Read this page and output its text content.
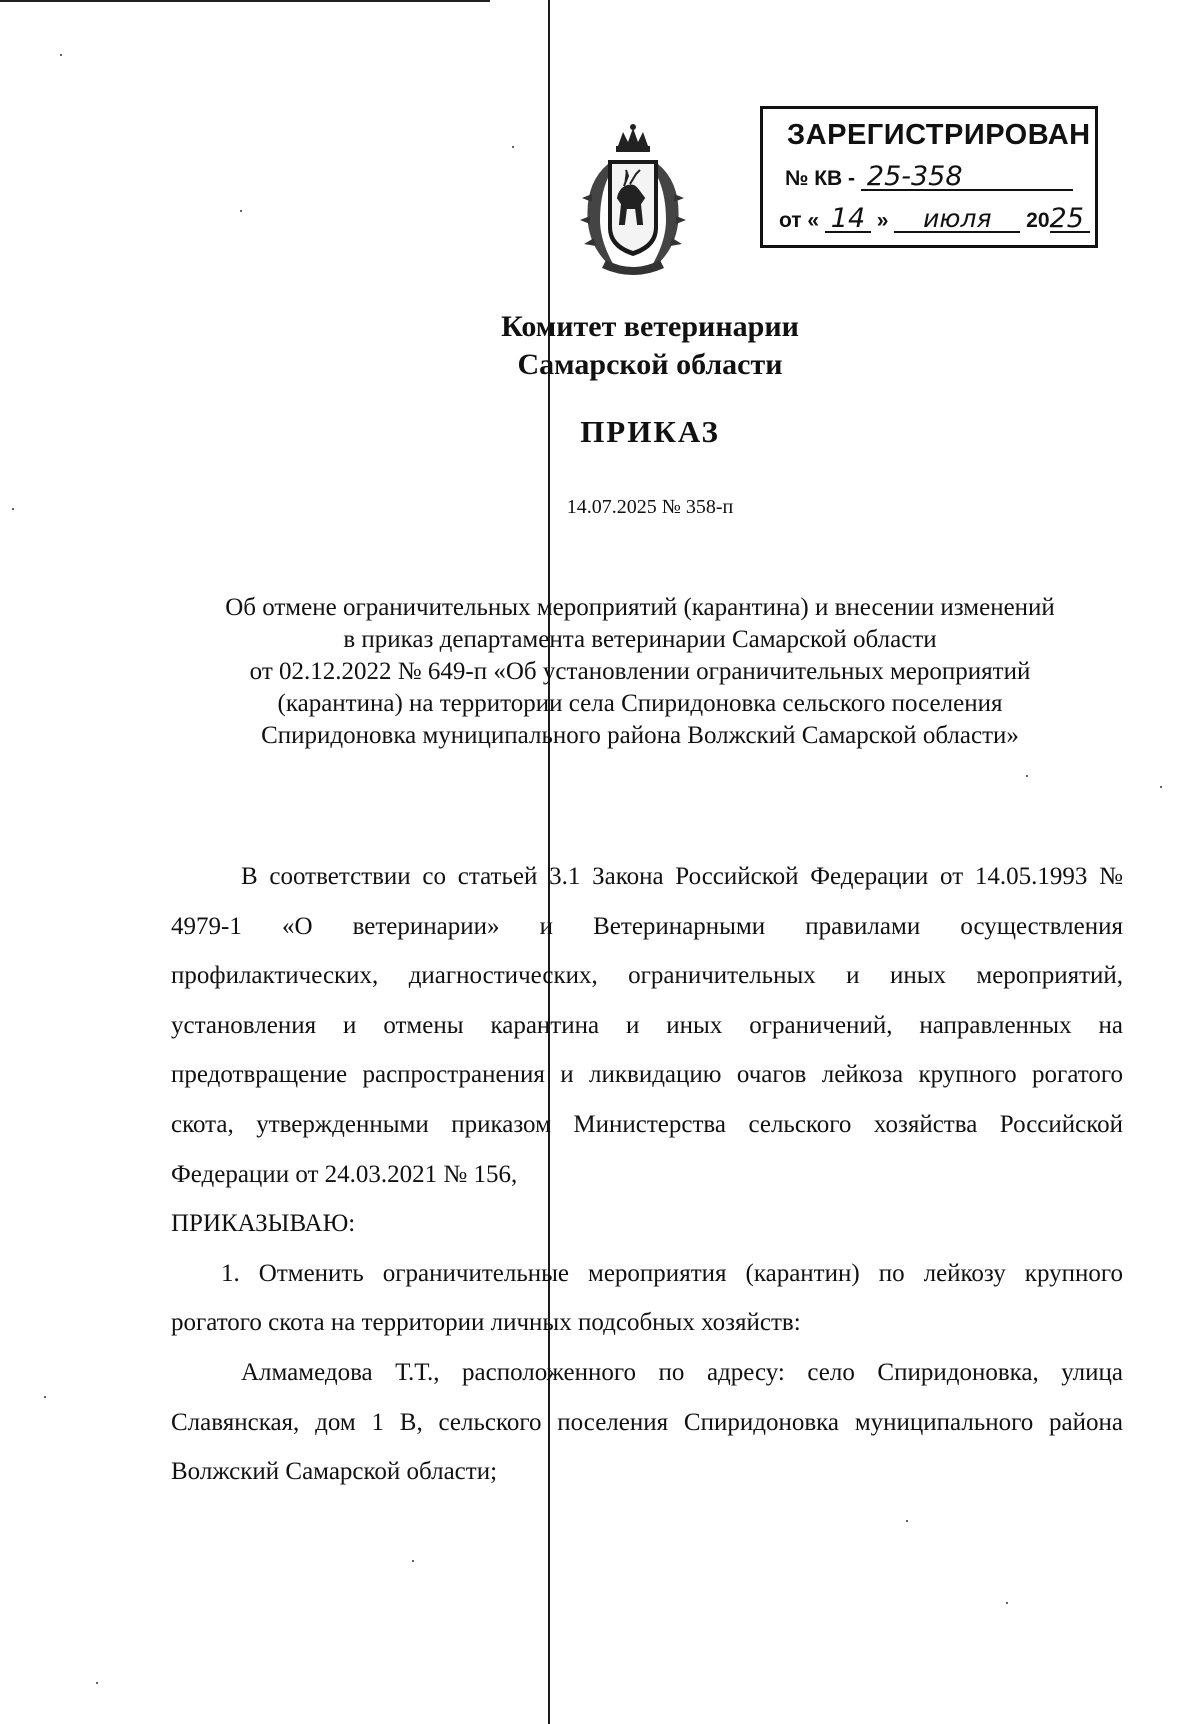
ЗАРЕГИСТРИРОВАН
№ КВ - 25-358
от « 14 » июля 2025
Комитет ветеринарии
Самарской области
ПРИКАЗ
14.07.2025 № 358-п
Об отмене ограничительных мероприятий (карантина) и внесении изменений
в приказ департамента ветеринарии Самарской области
от 02.12.2022 № 649-п «Об установлении ограничительных мероприятий
(карантина) на территории села Спиридоновка сельского поселения
Спиридоновка муниципального района Волжский Самарской области»

В соответствии со статьей 3.1 Закона Российской Федерации от 14.05.1993 № 4979-1 «О ветеринарии» и Ветеринарными правилами осуществления профилактических, диагностических, ограничительных и иных мероприятий, установления и отмены карантина и иных ограничений, направленных на предотвращение распространения и ликвидацию очагов лейкоза крупного рогатого скота, утвержденными приказом Министерства сельского хозяйства Российской Федерации от 24.03.2021 № 156,

ПРИКАЗЫВАЮ:

1. Отменить ограничительные мероприятия (карантин) по лейкозу крупного рогатого скота на территории личных подсобных хозяйств:

Алмамедова Т.Т., расположенного по адресу: село Спиридоновка, улица Славянская, дом 1 В, сельского поселения Спиридоновка муниципального района Волжский Самарской области;
